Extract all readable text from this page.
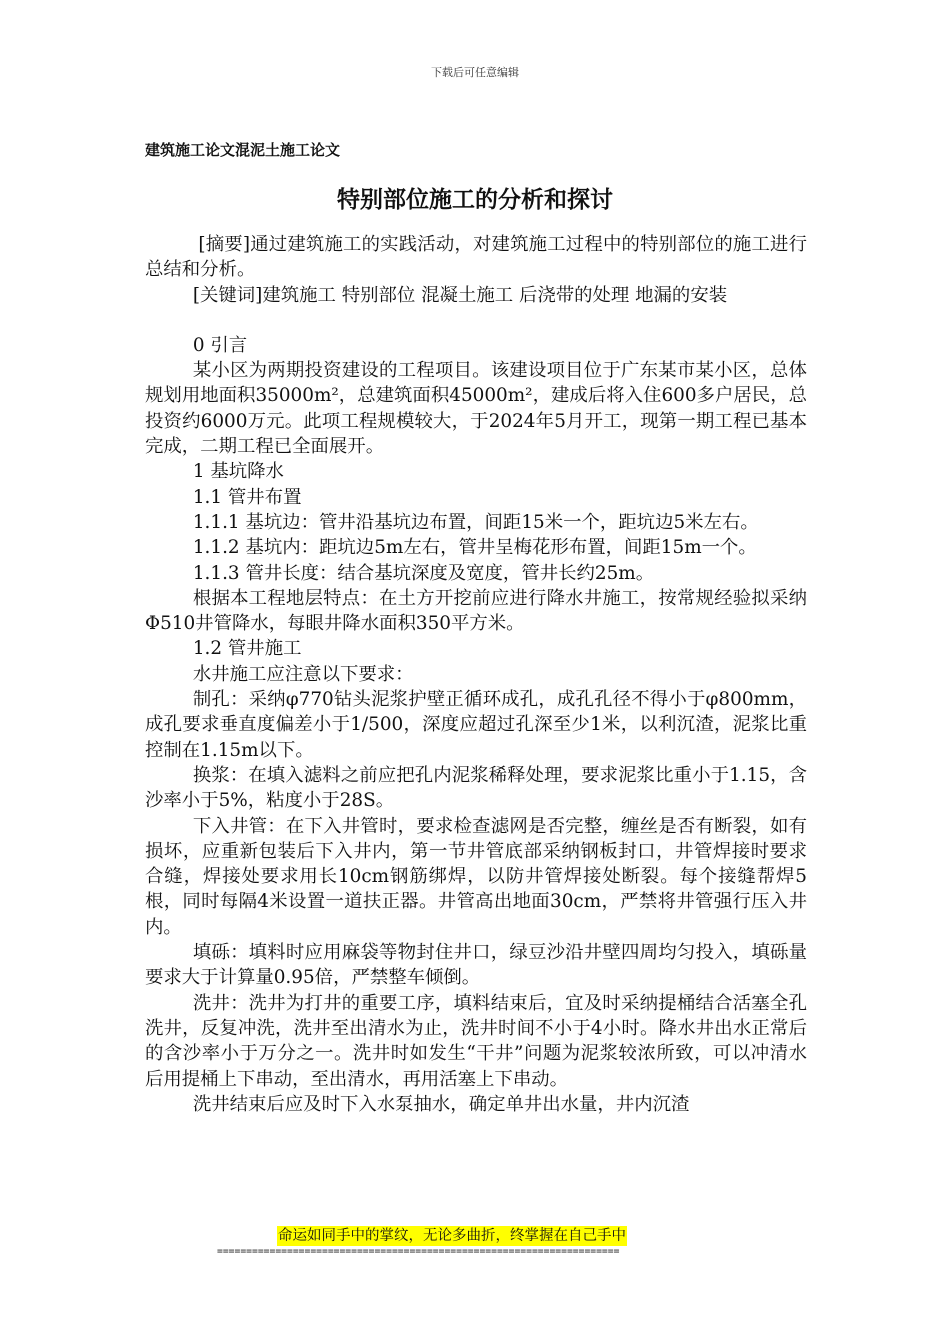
下载后可任意编辑
建筑施工论文混泥土施工论文
特别部位施工的分析和探讨

[摘要]通过建筑施工的实践活动，对建筑施工过程中的特别部位的施工进行总结和分析。

[关键词]建筑施工 特别部位 混凝土施工 后浇带的处理 地漏的安装

0 引言

某小区为两期投资建设的工程项目。该建设项目位于广东某市某小区，总体规划用地面积35000m²，总建筑面积45000m²，建成后将入住600多户居民，总投资约6000万元。此项工程规模较大，于2024年5月开工，现第一期工程已基本完成，二期工程已全面展开。

1 基坑降水

1.1 管井布置

1.1.1 基坑边：管井沿基坑边布置，间距15米一个，距坑边5米左右。

1.1.2 基坑内：距坑边5m左右，管井呈梅花形布置，间距15m一个。

1.1.3 管井长度：结合基坑深度及宽度，管井长约25m。

根据本工程地层特点：在土方开挖前应进行降水井施工，按常规经验拟采纳Φ510井管降水，每眼井降水面积350平方米。

1.2 管井施工

水井施工应注意以下要求：

制孔：采纳φ770钻头泥浆护壁正循环成孔，成孔孔径不得小于φ800mm，成孔要求垂直度偏差小于1/500，深度应超过孔深至少1米，以利沉渣，泥浆比重控制在1.15m以下。

换浆：在填入滤料之前应把孔内泥浆稀释处理，要求泥浆比重小于1.15，含沙率小于5%，粘度小于28S。

下入井管：在下入井管时，要求检查滤网是否完整，缠丝是否有断裂，如有损坏，应重新包装后下入井内，第一节井管底部采纳钢板封口，井管焊接时要求合缝，焊接处要求用长10cm钢筋绑焊，以防井管焊接处断裂。每个接缝帮焊5根，同时每隔4米设置一道扶正器。井管高出地面30cm，严禁将井管强行压入井内。

填砾：填料时应用麻袋等物封住井口，绿豆沙沿井壁四周均匀投入，填砾量要求大于计算量0.95倍，严禁整车倾倒。

洗井：洗井为打井的重要工序，填料结束后，宜及时采纳提桶结合活塞全孔洗井，反复冲洗，洗井至出清水为止，洗井时间不小于4小时。降水井出水正常后的含沙率小于万分之一。洗井时如发生“干井”问题为泥浆较浓所致，可以冲清水后用提桶上下串动，至出清水，再用活塞上下串动。

洗井结束后应及时下入水泵抽水，确定单井出水量，井内沉渣

命运如同手中的掌纹，无论多曲折，终掌握在自己手中
=====================================================================
